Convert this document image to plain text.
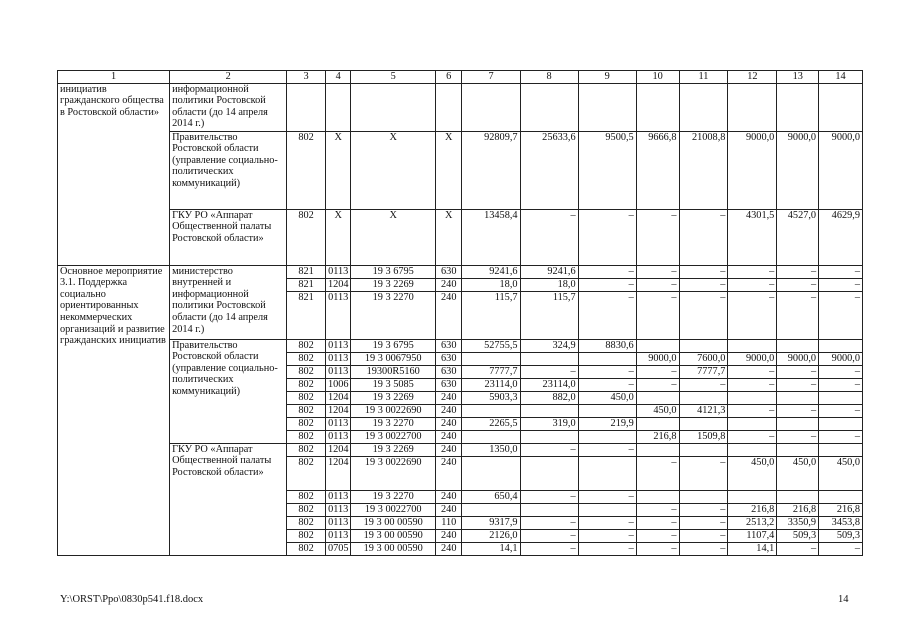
1	2	3	4	5	6	7	8	9	10	11	12	13	14
инициатив гражданского общества в Ростовской области»	информационной политики Ростовской области (до 14 апреля 2014 г.)												
	Правительство Ростовской области (управление социально-политических коммуникаций)	802	Х	Х	Х	92809,7	25633,6	9500,5	9666,8	21008,8	9000,0	9000,0	9000,0
	ГКУ РО «Аппарат Общественной палаты Ростовской области»	802	Х	Х	Х	13458,4	–	–	–	–	4301,5	4527,0	4629,9
Основное мероприятие 3.1. Поддержка социально ориентированных некоммерческих организаций и развитие гражданских инициатив	министерство внутренней и информационной политики Ростовской области (до 14 апреля 2014 г.)	821	0113	19 3 6795	630	9241,6	9241,6	–	–	–	–	–	–
		821	1204	19 3 2269	240	18,0	18,0	–	–	–	–	–	–
		821	0113	19 3 2270	240	115,7	115,7	–	–	–	–	–	–
	Правительство Ростовской области (управление социально-политических коммуникаций)	802	0113	19 3 6795	630	52755,5	324,9	8830,6					
		802	0113	19 3 0067950	630				9000,0	7600,0	9000,0	9000,0	9000,0
		802	0113	19300R5160	630	7777,7	–	–	–	7777,7	–	–	–
		802	1006	19 3 5085	630	23114,0	23114,0	–	–	–	–	–	–
		802	1204	19 3 2269	240	5903,3	882,0	450,0					
		802	1204	19 3 0022690	240				450,0	4121,3	–	–	–
		802	0113	19 3 2270	240	2265,5	319,0	219,9					
		802	0113	19 3 0022700	240				216,8	1509,8	–	–	–
	ГКУ РО «Аппарат Общественной палаты Ростовской области»	802	1204	19 3 2269	240	1350,0	–	–					
		802	1204	19 3 0022690	240				–	–	450,0	450,0	450,0
		802	0113	19 3 2270	240	650,4	–	–					
		802	0113	19 3 0022700	240				–	–	216,8	216,8	216,8
		802	0113	19 3 00 00590	110	9317,9	–	–	–	–	2513,2	3350,9	3453,8
		802	0113	19 3 00 00590	240	2126,0	–	–	–	–	1107,4	509,3	509,3
		802	0705	19 3 00 00590	240	14,1	–	–	–	–	14,1	–	–
Y:\ORST\Ppo\0830p541.f18.docx	14
